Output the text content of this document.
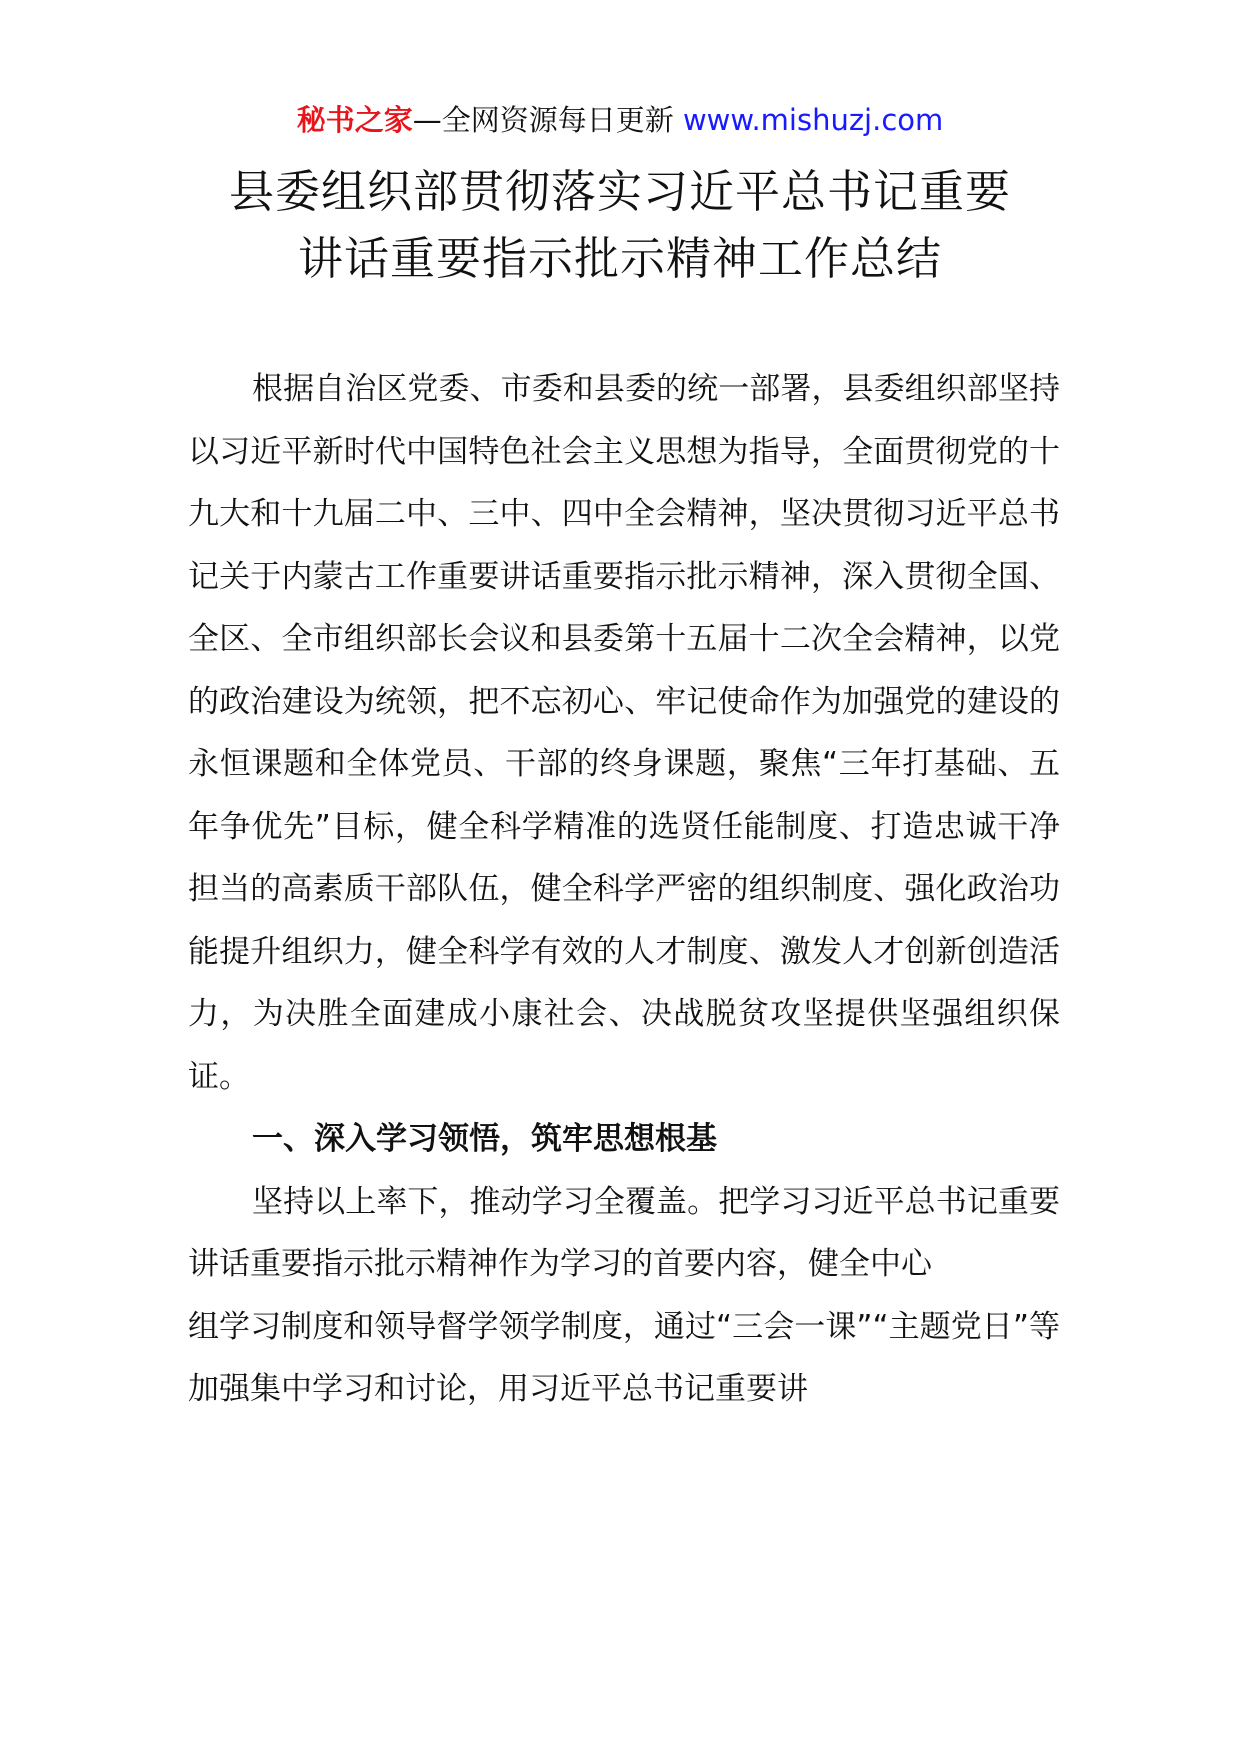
秘书之家—全网资源每日更新 www.mishuzj.com
县委组织部贯彻落实习近平总书记重要
讲话重要指示批示精神工作总结

根据自治区党委、市委和县委的统一部署，县委组织部坚持以习近平新时代中国特色社会主义思想为指导，全面贯彻党的十九大和十九届二中、三中、四中全会精神，坚决贯彻习近平总书记关于内蒙古工作重要讲话重要指示批示精神，深入贯彻全国、全区、全市组织部长会议和县委第十五届十二次全会精神，以党的政治建设为统领，把不忘初心、牢记使命作为加强党的建设的永恒课题和全体党员、干部的终身课题，聚焦“三年打基础、五年争优先”目标，健全科学精准的选贤任能制度、打造忠诚干净担当的高素质干部队伍，健全科学严密的组织制度、强化政治功能提升组织力，健全科学有效的人才制度、激发人才创新创造活力，为决胜全面建成小康社会、决战脱贫攻坚提供坚强组织保证。

一、深入学习领悟，筑牢思想根基

坚持以上率下，推动学习全覆盖。把学习习近平总书记重要讲话重要指示批示精神作为学习的首要内容，健全中心

组学习制度和领导督学领学制度，通过“三会一课”“主题党日”等加强集中学习和讨论，用习近平总书记重要讲
